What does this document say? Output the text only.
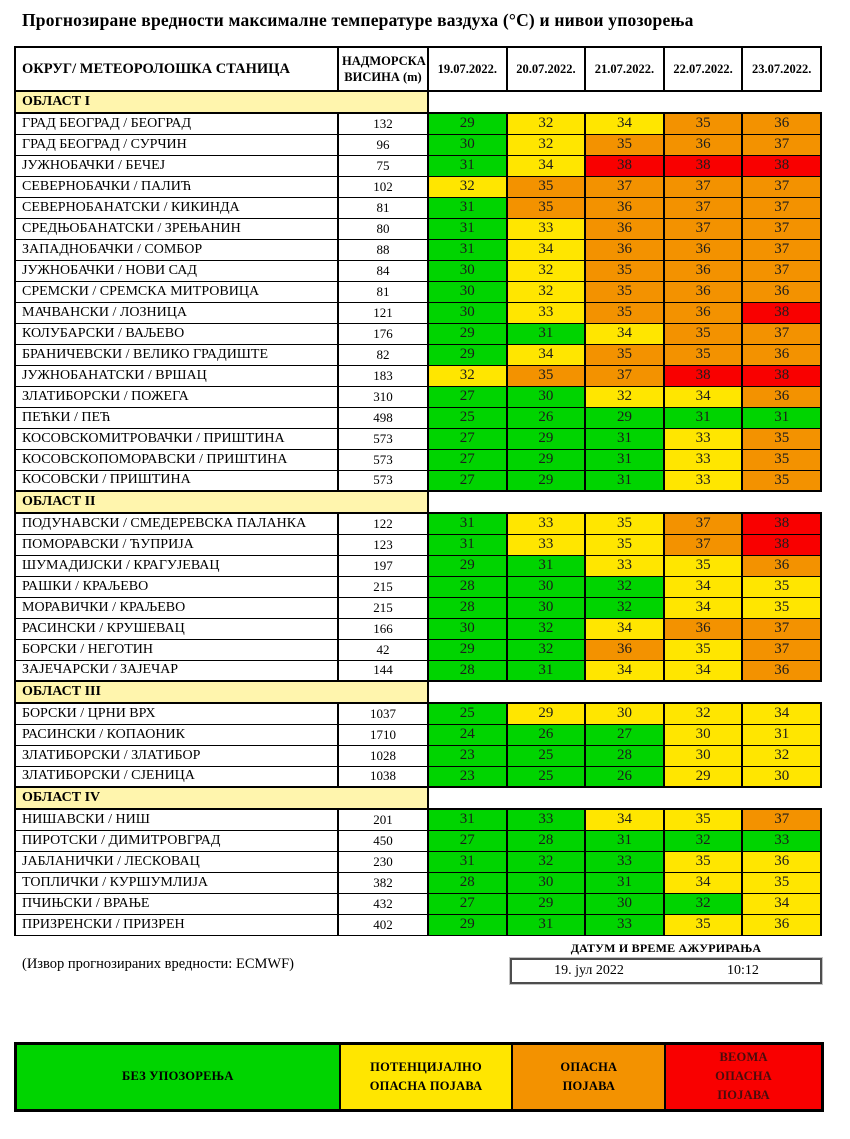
Прогнозиране вредности максималне температуре ваздуха (°С) и нивои упозорења
ОКРУГ/ МЕТЕОРОЛОШКА СТАНИЦА	НАДМОРСКА ВИСИНА (m)	19.07.2022.	20.07.2022.	21.07.2022.	22.07.2022.	23.07.2022.
ОБЛАСТ I		

ГРАД БЕОГРАД / БЕОГРАД	132	29	32	34	35	36
ГРАД БЕОГРАД / СУРЧИН	96	30	32	35	36	37
ЈУЖНОБАЧКИ / БЕЧЕЈ	75	31	34	38	38	38
СЕВЕРНОБАЧКИ / ПАЛИЋ	102	32	35	37	37	37
СЕВЕРНОБАНАТСКИ / КИКИНДА	81	31	35	36	37	37
СРЕДЊОБАНАТСКИ / ЗРЕЊАНИН	80	31	33	36	37	37
ЗАПАДНОБАЧКИ / СОМБОР	88	31	34	36	36	37
ЈУЖНОБАЧКИ / НОВИ САД	84	30	32	35	36	37
СРЕМСКИ / СРЕМСКА МИТРОВИЦА	81	30	32	35	36	36
МАЧВАНСКИ / ЛОЗНИЦА	121	30	33	35	36	38
КОЛУБАРСКИ / ВАЉЕВО	176	29	31	34	35	37
БРАНИЧЕВСКИ / ВЕЛИКО ГРАДИШТЕ	82	29	34	35	35	36
ЈУЖНОБАНАТСКИ / ВРШАЦ	183	32	35	37	38	38
ЗЛАТИБОРСКИ / ПОЖЕГА	310	27	30	32	34	36
ПЕЋКИ / ПЕЋ	498	25	26	29	31	31
КОСОВСКОМИТРОВАЧКИ / ПРИШТИНА	573	27	29	31	33	35
КОСОВСКОПОМОРАВСКИ / ПРИШТИНА	573	27	29	31	33	35
КОСОВСКИ / ПРИШТИНА	573	27	29	31	33	35
ОБЛАСТ II		

ПОДУНАВСКИ / СМЕДЕРЕВСКА ПАЛАНКА	122	31	33	35	37	38
ПОМОРАВСКИ / ЋУПРИЈА	123	31	33	35	37	38
ШУМАДИЈСКИ / КРАГУЈЕВАЦ	197	29	31	33	35	36
РАШКИ / КРАЉЕВО	215	28	30	32	34	35
МОРАВИЧКИ / КРАЉЕВО	215	28	30	32	34	35
РАСИНСКИ / КРУШЕВАЦ	166	30	32	34	36	37
БОРСКИ / НЕГОТИН	42	29	32	36	35	37
ЗАЈЕЧАРСКИ / ЗАЈЕЧАР	144	28	31	34	34	36
ОБЛАСТ III		

БОРСКИ / ЦРНИ ВРХ	1037	25	29	30	32	34
РАСИНСКИ / КОПАОНИК	1710	24	26	27	30	31
ЗЛАТИБОРСКИ / ЗЛАТИБОР	1028	23	25	28	30	32
ЗЛАТИБОРСКИ / СЈЕНИЦА	1038	23	25	26	29	30
ОБЛАСТ IV		

НИШАВСКИ / НИШ	201	31	33	34	35	37
ПИРОТСКИ / ДИМИТРОВГРАД	450	27	28	31	32	33
ЈАБЛАНИЧКИ / ЛЕСКОВАЦ	230	31	32	33	35	36
ТОПЛИЧКИ / КУРШУМЛИЈА	382	28	30	31	34	35
ПЧИЊСКИ / ВРАЊЕ	432	27	29	30	32	34
ПРИЗРЕНСКИ / ПРИЗРЕН	402	29	31	33	35	36
(Извор прогнозираних вредности: ECMWF)
ДАТУМ И ВРЕМЕ АЖУРИРАЊА
19. јул 2022	10:12
БЕЗ УПОЗОРЕЊА
ПОТЕНЦИЈАЛНО ОПАСНА ПОЈАВА
ОПАСНА ПОЈАВА
ВЕОМА ОПАСНА ПОЈАВА
